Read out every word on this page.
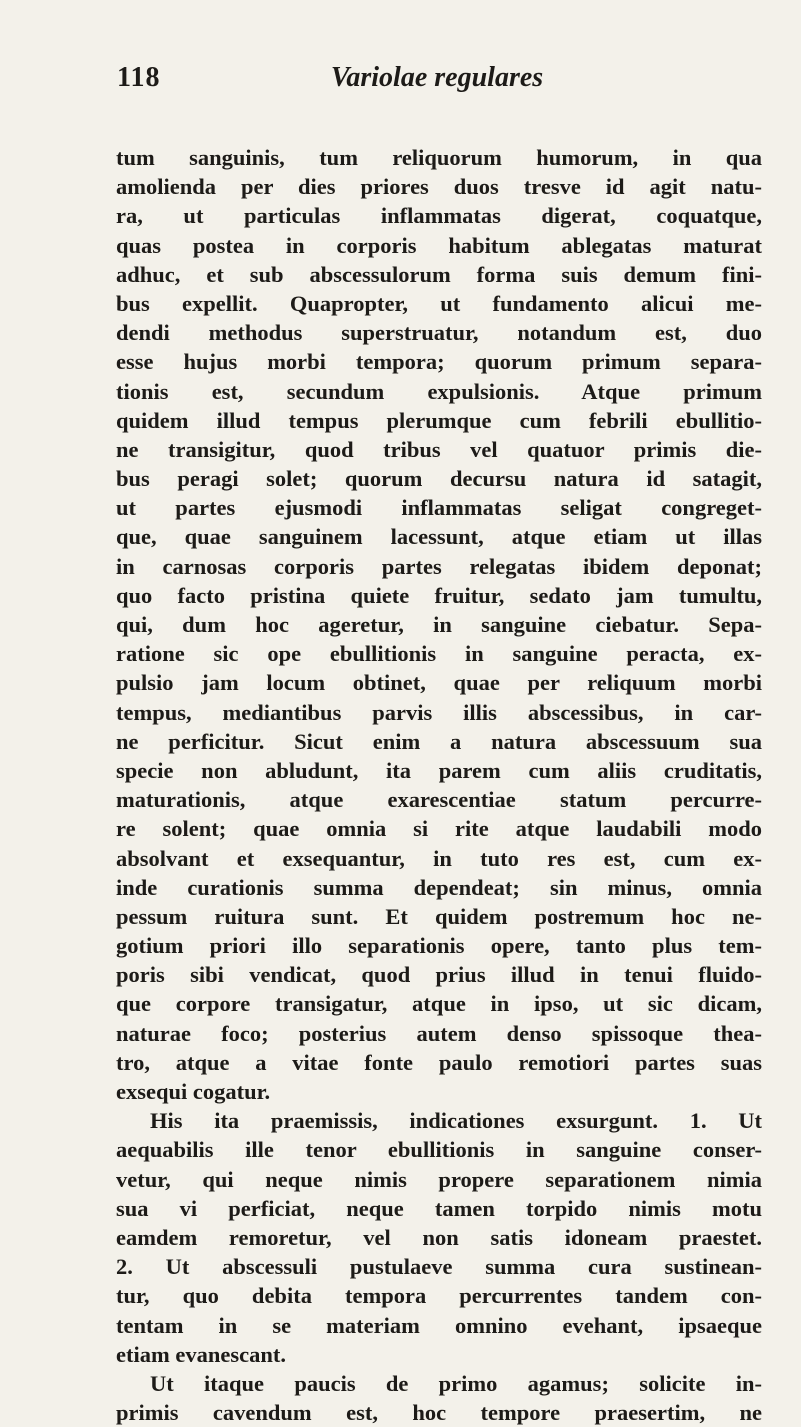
118	Variolae regulares
tum sanguinis, tum reliquorum humorum, in qua
amolienda per dies priores duos tresve id agit natu-
ra, ut particulas inflammatas digerat, coquatque,
quas postea in corporis habitum ablegatas maturat
adhuc, et sub abscessulorum forma suis demum fini-
bus expellit. Quapropter, ut fundamento alicui me-
dendi methodus superstruatur, notandum est, duo
esse hujus morbi tempora; quorum primum separa-
tionis est, secundum expulsionis. Atque primum
quidem illud tempus plerumque cum febrili ebullitio-
ne transigitur, quod tribus vel quatuor primis die-
bus peragi solet; quorum decursu natura id satagit,
ut partes ejusmodi inflammatas seligat congreget-
que, quae sanguinem lacessunt, atque etiam ut illas
in carnosas corporis partes relegatas ibidem deponat;
quo facto pristina quiete fruitur, sedato jam tumultu,
qui, dum hoc ageretur, in sanguine ciebatur. Sepa-
ratione sic ope ebullitionis in sanguine peracta, ex-
pulsio jam locum obtinet, quae per reliquum morbi
tempus, mediantibus parvis illis abscessibus, in car-
ne perficitur. Sicut enim a natura abscessuum sua
specie non abludunt, ita parem cum aliis cruditatis,
maturationis, atque exarescentiae statum percurre-
re solent; quae omnia si rite atque laudabili modo
absolvant et exsequantur, in tuto res est, cum ex-
inde curationis summa dependeat; sin minus, omnia
pessum ruitura sunt. Et quidem postremum hoc ne-
gotium priori illo separationis opere, tanto plus tem-
poris sibi vendicat, quod prius illud in tenui fluido-
que corpore transigatur, atque in ipso, ut sic dicam,
naturae foco; posterius autem denso spissoque thea-
tro, atque a vitae fonte paulo remotiori partes suas
exsequi cogatur.
His ita praemissis, indicationes exsurgunt. 1. Ut
aequabilis ille tenor ebullitionis in sanguine conser-
vetur, qui neque nimis propere separationem nimia
sua vi perficiat, neque tamen torpido nimis motu
eamdem remoretur, vel non satis idoneam praestet.
2. Ut abscessuli pustulaeve summa cura sustinean-
tur, quo debita tempora percurrentes tandem con-
tentam in se materiam omnino evehant, ipsaeque
etiam evanescant.
Ut itaque paucis de primo agamus; solicite in-
primis cavendum est, hoc tempore praesertim, ne
